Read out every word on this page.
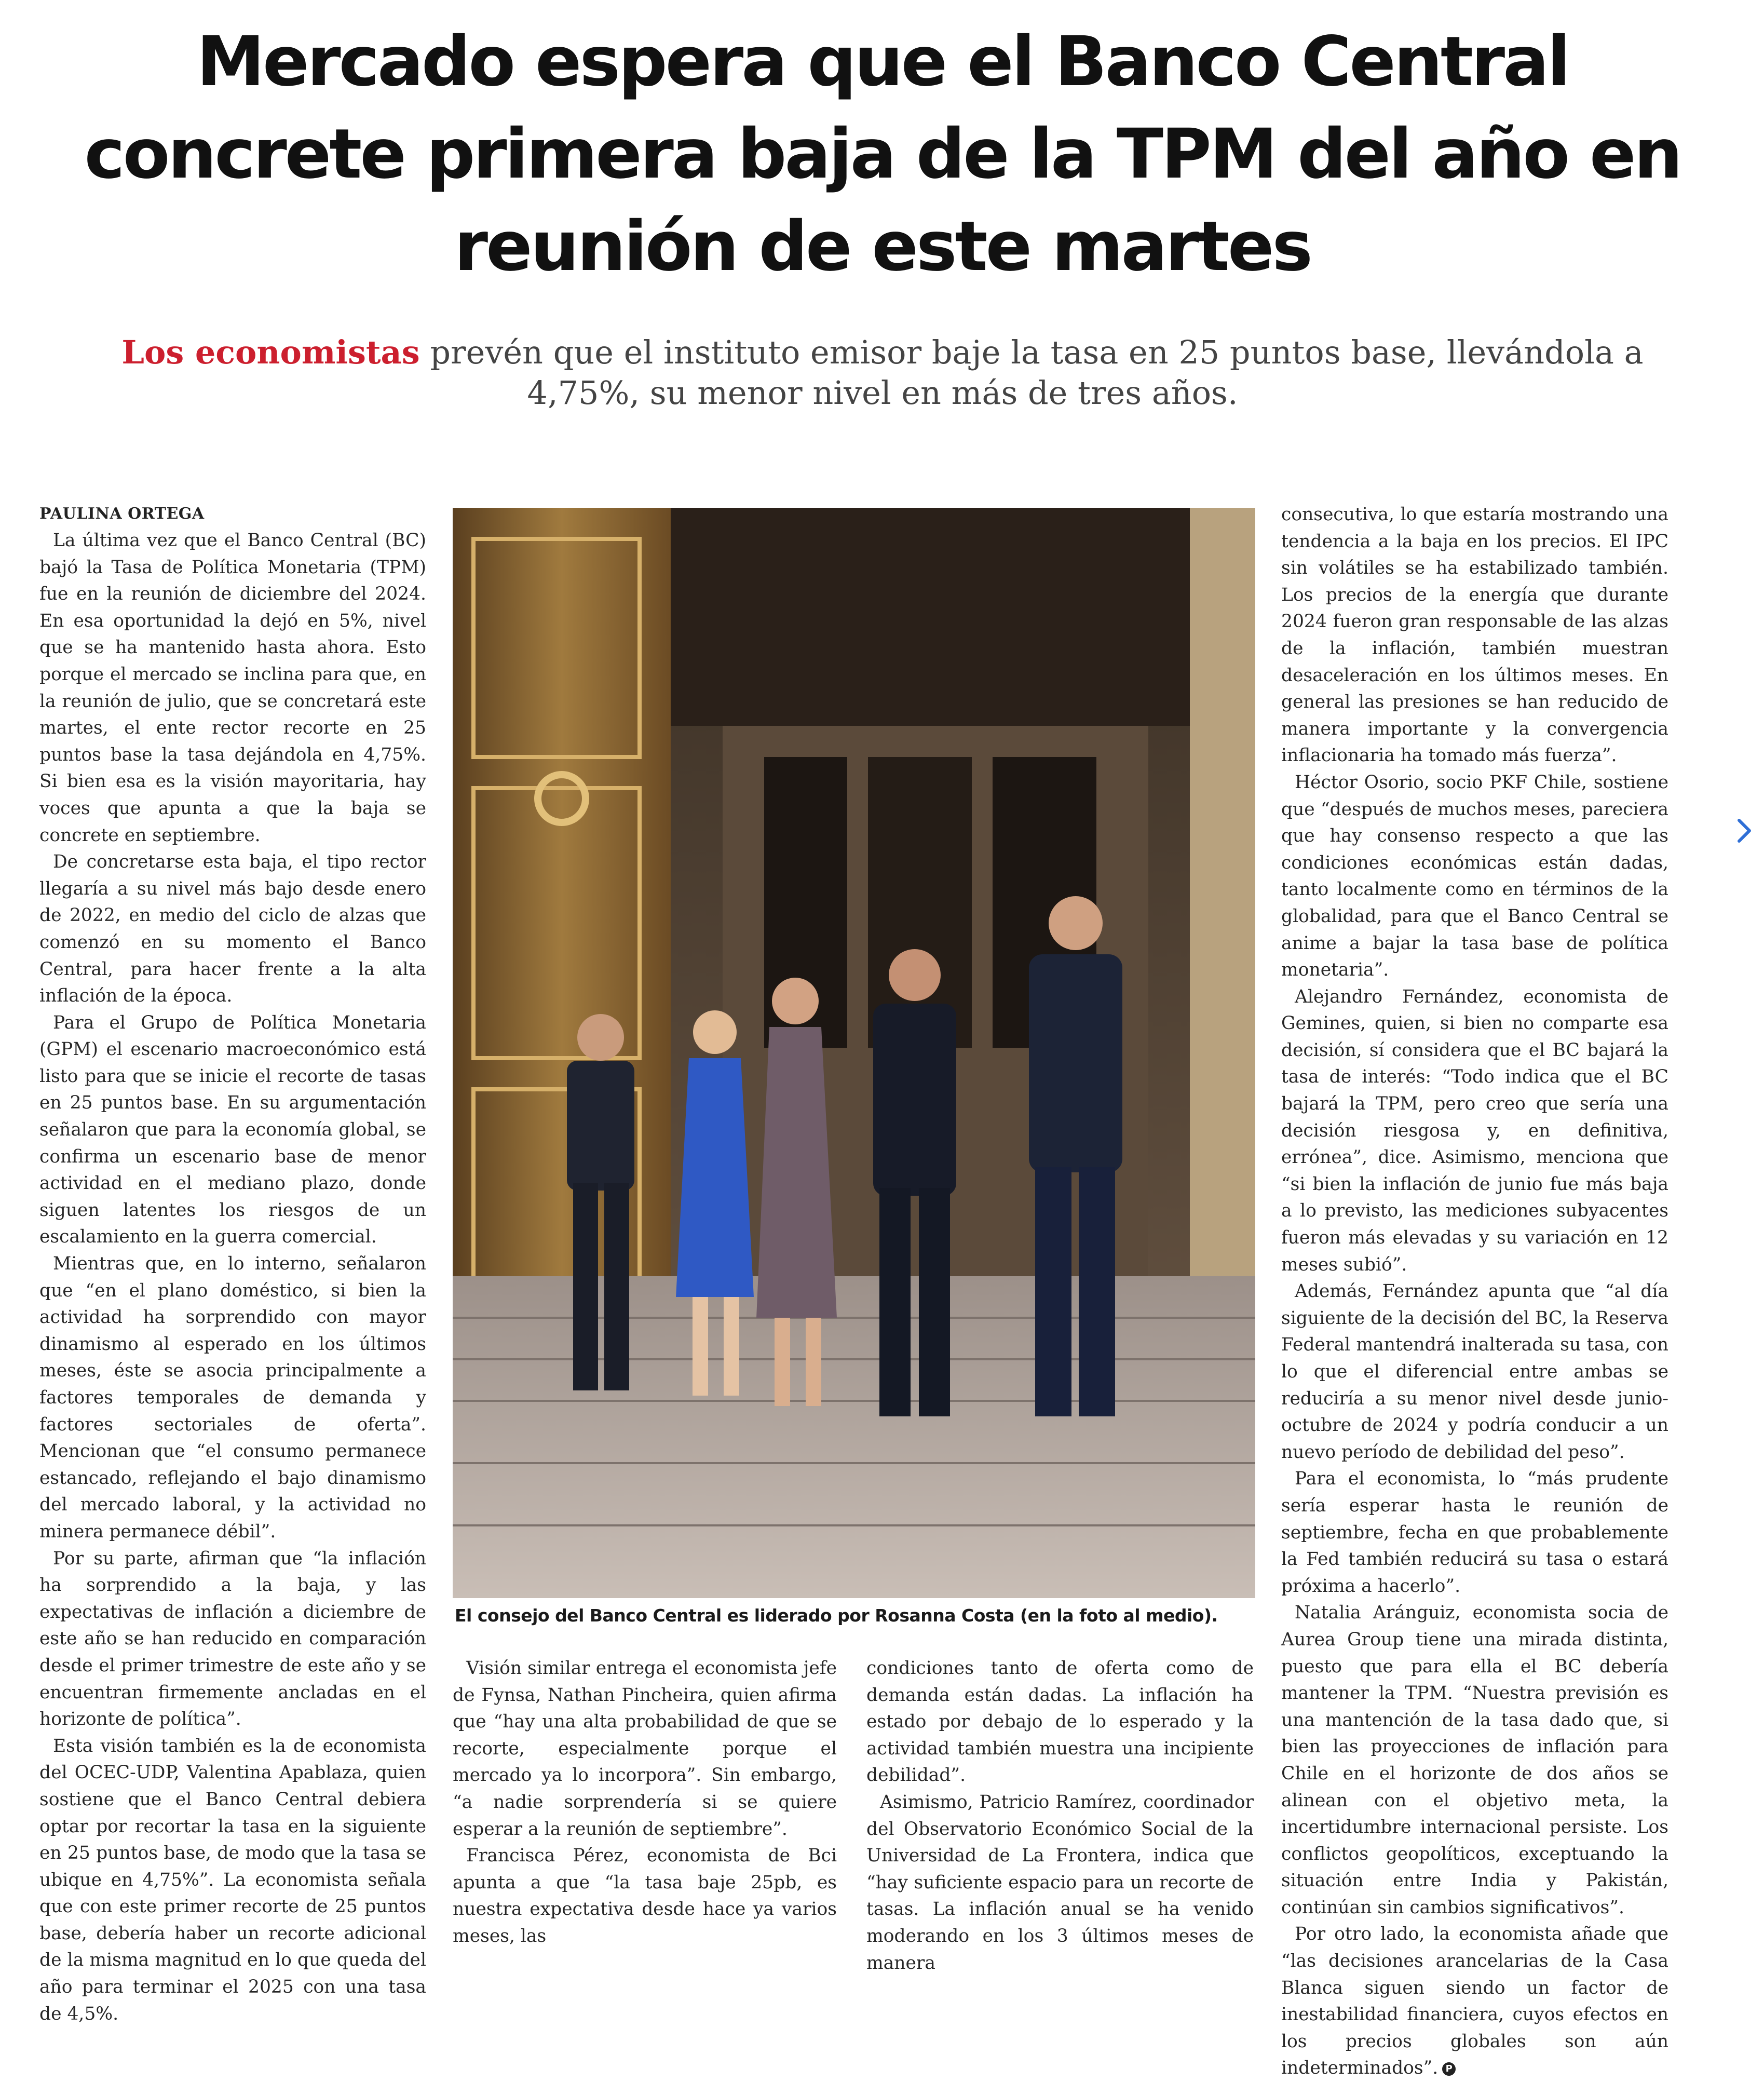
Mercado espera que el Banco Central concrete primera baja de la TPM del año en reunión de este martes

Los economistas prevén que el instituto emisor baje la tasa en 25 puntos base, llevándola a 4,75%, su menor nivel en más de tres años.

PAULINA ORTEGA

La última vez que el Banco Central (BC) bajó la Tasa de Política Monetaria (TPM) fue en la reunión de diciembre del 2024. En esa oportunidad la dejó en 5%, nivel que se ha mantenido hasta ahora. Esto porque el mercado se inclina para que, en la reunión de julio, que se concretará este martes, el ente rector recorte en 25 puntos base la tasa dejándola en 4,75%. Si bien esa es la visión mayoritaria, hay voces que apunta a que la baja se concrete en septiembre.

De concretarse esta baja, el tipo rector llegaría a su nivel más bajo desde enero de 2022, en medio del ciclo de alzas que comenzó en su momento el Banco Central, para hacer frente a la alta inflación de la época.

Para el Grupo de Política Monetaria (GPM) el escenario macroeconómico está listo para que se inicie el recorte de tasas en 25 puntos base. En su argumentación señalaron que para la economía global, se confirma un escenario base de menor actividad en el mediano plazo, donde siguen latentes los riesgos de un escalamiento en la guerra comercial.

Mientras que, en lo interno, señalaron que “en el plano doméstico, si bien la actividad ha sorprendido con mayor dinamismo al esperado en los últimos meses, éste se asocia principalmente a factores temporales de demanda y factores sectoriales de oferta”. Mencionan que “el consumo permanece estancado, reflejando el bajo dinamismo del mercado laboral, y la actividad no minera permanece débil”.

Por su parte, afirman que “la inflación ha sorprendido a la baja, y las expectativas de inflación a diciembre de este año se han reducido en comparación desde el primer trimestre de este año y se encuentran firmemente ancladas en el horizonte de política”.

Esta visión también es la de economista del OCEC-UDP, Valentina Apablaza, quien sostiene que el Banco Central debiera optar por recortar la tasa en la siguiente en 25 puntos base, de modo que la tasa se ubique en 4,75%”. La economista señala que con este primer recorte de 25 puntos base, debería haber un recorte adicional de la misma magnitud en lo que queda del año para terminar el 2025 con una tasa de 4,5%.

El consejo del Banco Central es liderado por Rosanna Costa (en la foto al medio).

Visión similar entrega el economista jefe de Fynsa, Nathan Pincheira, quien afirma que “hay una alta probabilidad de que se recorte, especialmente porque el mercado ya lo incorpora”. Sin embargo, “a nadie sorprendería si se quiere esperar a la reunión de septiembre”.

Francisca Pérez, economista de Bci apunta a que “la tasa baje 25pb, es nuestra expectativa desde hace ya varios meses, las

condiciones tanto de oferta como de demanda están dadas. La inflación ha estado por debajo de lo esperado y la actividad también muestra una incipiente debilidad”.

Asimismo, Patricio Ramírez, coordinador del Observatorio Económico Social de la Universidad de La Frontera, indica que “hay suficiente espacio para un recorte de tasas. La inflación anual se ha venido moderando en los 3 últimos meses de manera

consecutiva, lo que estaría mostrando una tendencia a la baja en los precios. El IPC sin volátiles se ha estabilizado también. Los precios de la energía que durante 2024 fueron gran responsable de las alzas de la inflación, también muestran desaceleración en los últimos meses. En general las presiones se han reducido de manera importante y la convergencia inflacionaria ha tomado más fuerza”.

Héctor Osorio, socio PKF Chile, sostiene que “después de muchos meses, pareciera que hay consenso respecto a que las condiciones económicas están dadas, tanto localmente como en términos de la globalidad, para que el Banco Central se anime a bajar la tasa base de política monetaria”.

Alejandro Fernández, economista de Gemines, quien, si bien no comparte esa decisión, sí considera que el BC bajará la tasa de interés: “Todo indica que el BC bajará la TPM, pero creo que sería una decisión riesgosa y, en definitiva, errónea”, dice. Asimismo, menciona que “si bien la inflación de junio fue más baja a lo previsto, las mediciones subyacentes fueron más elevadas y su variación en 12 meses subió”.

Además, Fernández apunta que “al día siguiente de la decisión del BC, la Reserva Federal mantendrá inalterada su tasa, con lo que el diferencial entre ambas se reduciría a su menor nivel desde junio-octubre de 2024 y podría conducir a un nuevo período de debilidad del peso”.

Para el economista, lo “más prudente sería esperar hasta le reunión de septiembre, fecha en que probablemente la Fed también reducirá su tasa o estará próxima a hacerlo”.

Natalia Aránguiz, economista socia de Aurea Group tiene una mirada distinta, puesto que para ella el BC debería mantener la TPM. “Nuestra previsión es una mantención de la tasa dado que, si bien las proyecciones de inflación para Chile en el horizonte de dos años se alinean con el objetivo meta, la incertidumbre internacional persiste. Los conflictos geopolíticos, exceptuando la situación entre India y Pakistán, continúan sin cambios significativos”.

Por otro lado, la economista añade que “las decisiones arancelarias de la Casa Blanca siguen siendo un factor de inestabilidad financiera, cuyos efectos en los precios globales son aún indeterminados”. P
